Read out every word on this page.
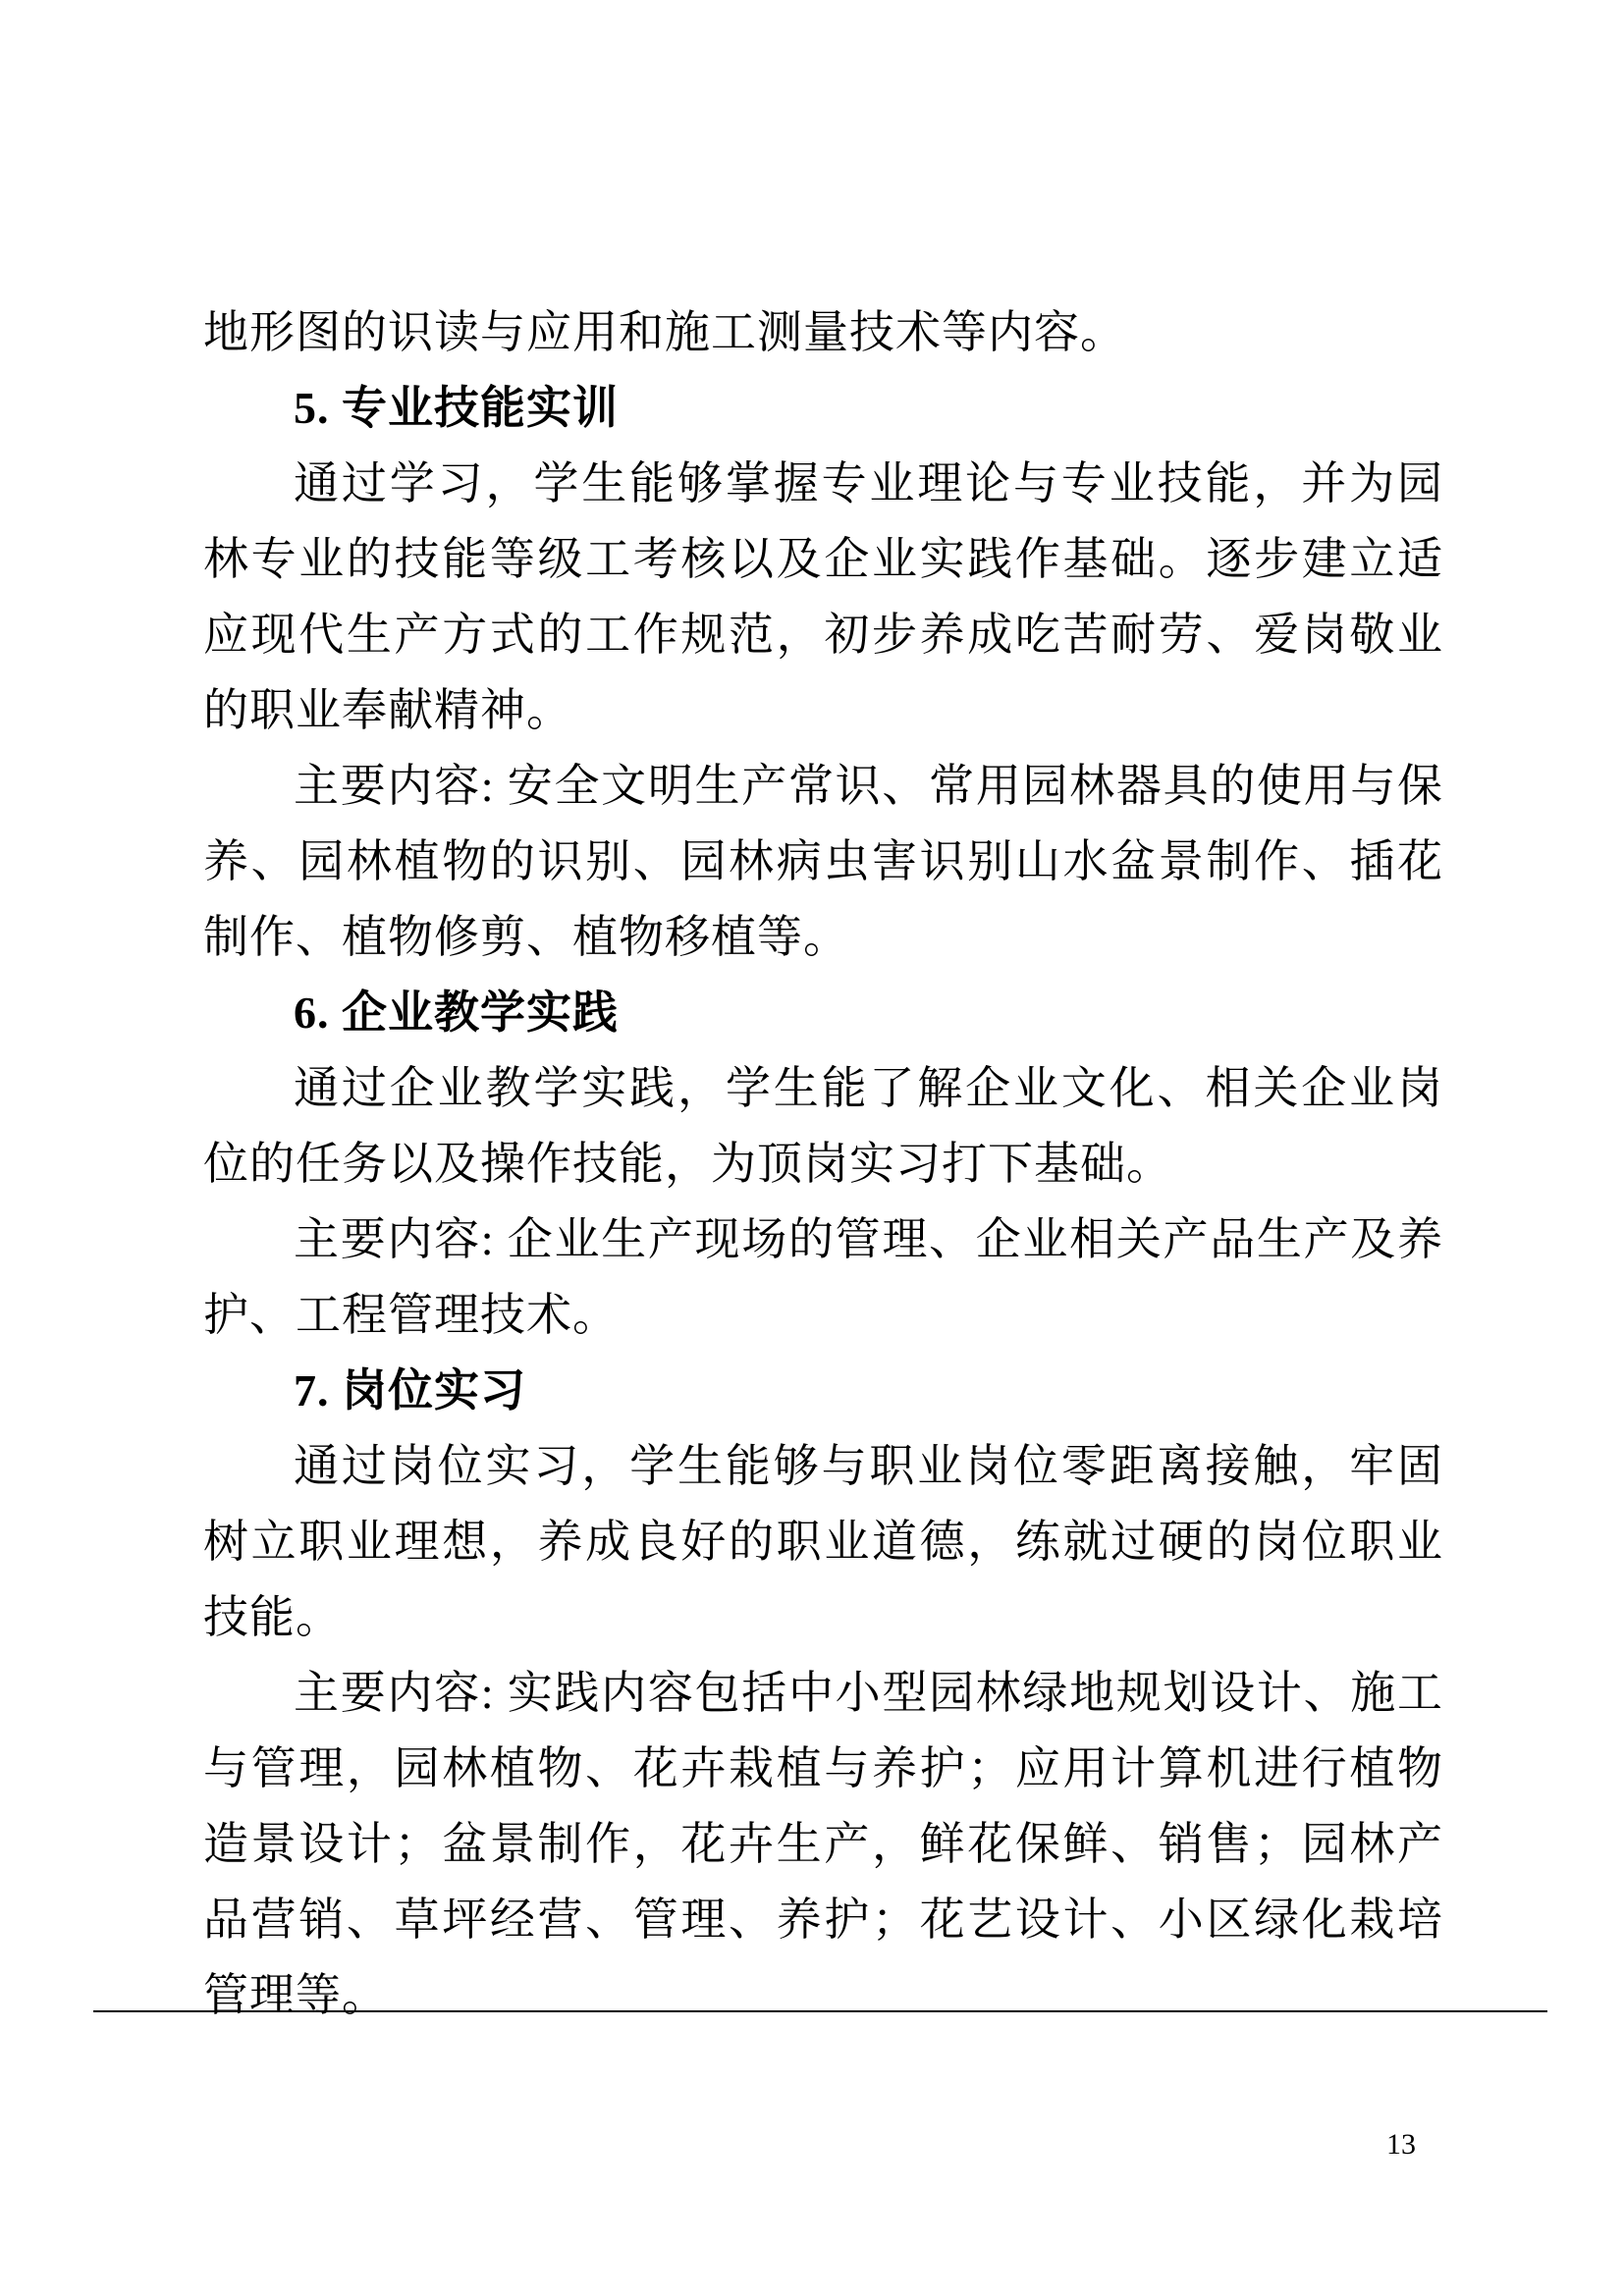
地形图的识读与应用和施工测量技术等内容。

5. 专业技能实训

通过学习，学生能够掌握专业理论与专业技能，并为园林专业的技能等级工考核以及企业实践作基础。逐步建立适应现代生产方式的工作规范，初步养成吃苦耐劳、爱岗敬业的职业奉献精神。

主要内容: 安全文明生产常识、常用园林器具的使用与保养、园林植物的识别、园林病虫害识别山水盆景制作、插花制作、植物修剪、植物移植等。

6. 企业教学实践

通过企业教学实践，学生能了解企业文化、相关企业岗位的任务以及操作技能，为顶岗实习打下基础。

主要内容: 企业生产现场的管理、企业相关产品生产及养护、工程管理技术。

7. 岗位实习

通过岗位实习，学生能够与职业岗位零距离接触，牢固树立职业理想，养成良好的职业道德，练就过硬的岗位职业技能。

主要内容: 实践内容包括中小型园林绿地规划设计、施工与管理，园林植物、花卉栽植与养护；应用计算机进行植物造景设计；盆景制作，花卉生产，鲜花保鲜、销售；园林产品营销、草坪经营、管理、养护；花艺设计、小区绿化栽培管理等。

13
